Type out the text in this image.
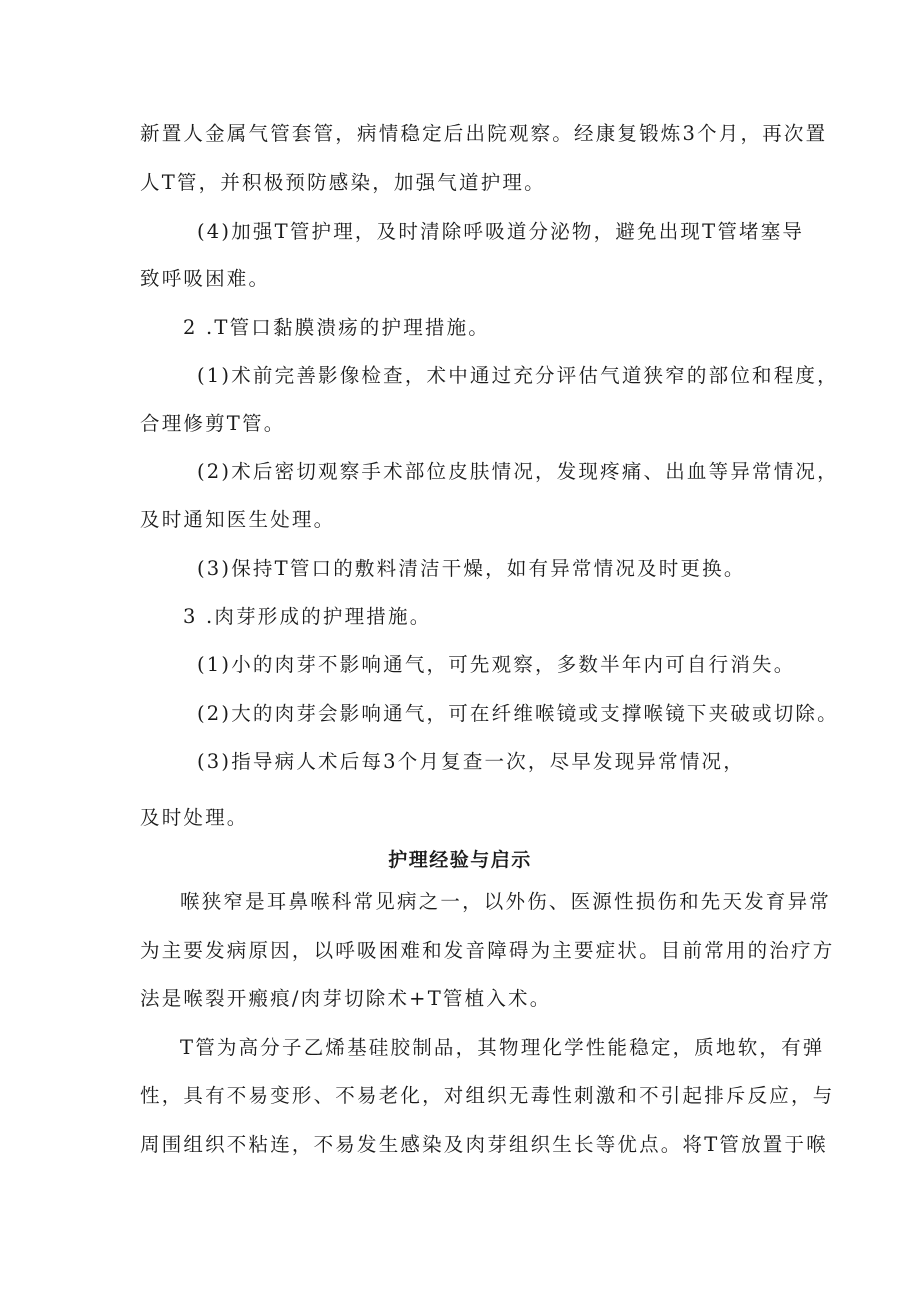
新置人金属气管套管，病情稳定后出院观察。经康复锻炼3个月，再次置
人T管，并积极预防感染，加强气道护理。
(4)加强T管护理，及时清除呼吸道分泌物，避免出现T管堵塞导
致呼吸困难。
2 .T管口黏膜溃疡的护理措施。
(1)术前完善影像检查，术中通过充分评估气道狭窄的部位和程度，
合理修剪T管。
(2)术后密切观察手术部位皮肤情况，发现疼痛、出血等异常情况，
及时通知医生处理。
(3)保持T管口的敷料清洁干燥，如有异常情况及时更换。
3 .肉芽形成的护理措施。
(1)小的肉芽不影响通气，可先观察，多数半年内可自行消失。
(2)大的肉芽会影响通气，可在纤维喉镜或支撑喉镜下夹破或切除。
(3)指导病人术后每3个月复查一次，尽早发现异常情况，
及时处理。
护理经验与启示
喉狭窄是耳鼻喉科常见病之一，以外伤、医源性损伤和先天发育异常
为主要发病原因，以呼吸困难和发音障碍为主要症状。目前常用的治疗方
法是喉裂开瘢痕/肉芽切除术+T管植入术。
T管为高分子乙烯基硅胶制品，其物理化学性能稳定，质地软，有弹
性，具有不易变形、不易老化，对组织无毒性刺激和不引起排斥反应，与
周围组织不粘连，不易发生感染及肉芽组织生长等优点。将T管放置于喉
